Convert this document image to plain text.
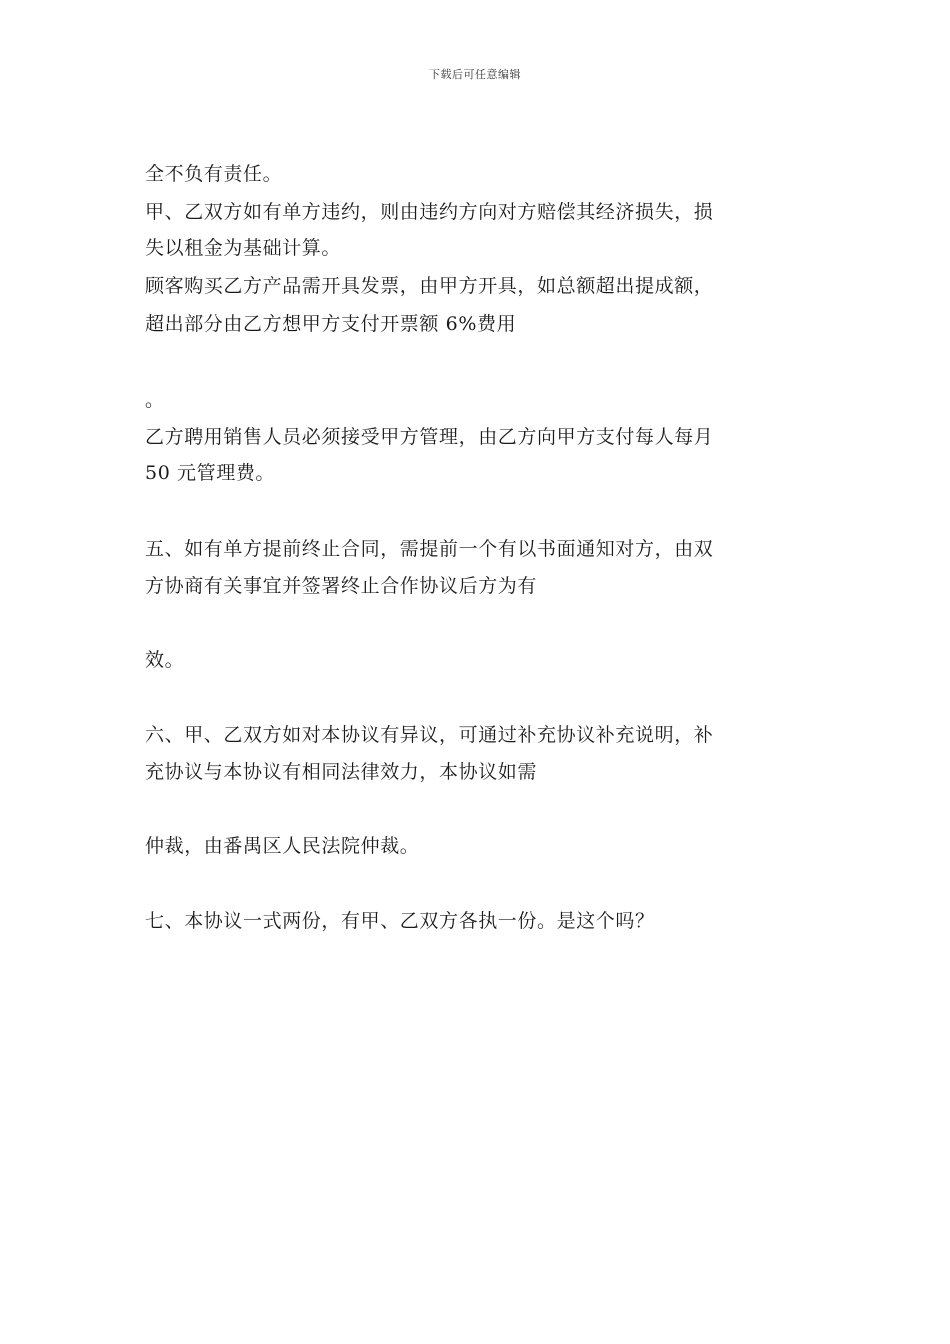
下载后可任意编辑
全不负有责任。
甲、乙双方如有单方违约，则由违约方向对方赔偿其经济损失，损
失以租金为基础计算。
顾客购买乙方产品需开具发票，由甲方开具，如总额超出提成额，
超出部分由乙方想甲方支付开票额 6%费用
。
乙方聘用销售人员必须接受甲方管理，由乙方向甲方支付每人每月
50 元管理费。
五、如有单方提前终止合同，需提前一个有以书面通知对方，由双
方协商有关事宜并签署终止合作协议后方为有
效。
六、甲、乙双方如对本协议有异议，可通过补充协议补充说明，补
充协议与本协议有相同法律效力，本协议如需
仲裁，由番禺区人民法院仲裁。
七、本协议一式两份，有甲、乙双方各执一份。是这个吗？
